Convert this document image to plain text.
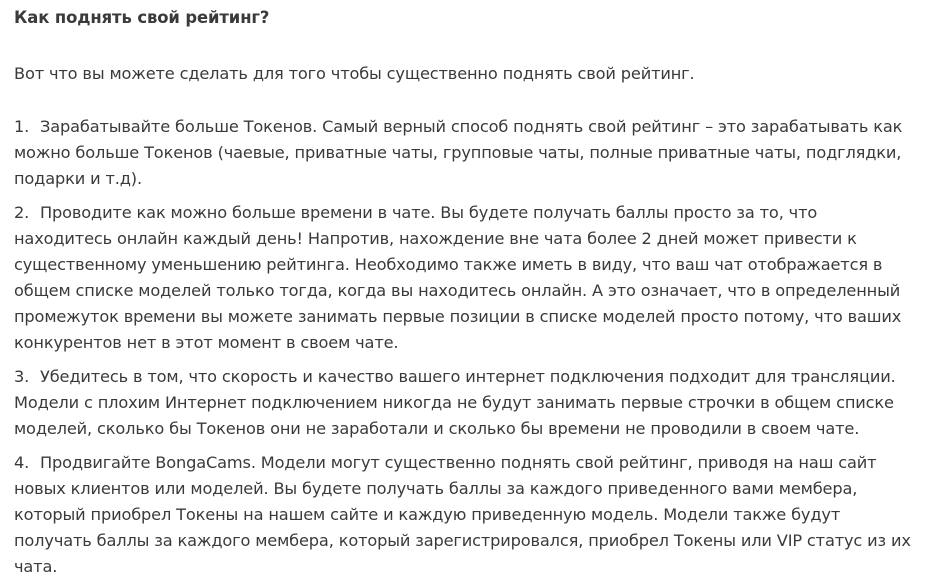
Как поднять свой рейтинг?

Вот что вы можете сделать для того чтобы существенно поднять свой рейтинг.

1. Зарабатывайте больше Токенов. Самый верный способ поднять свой рейтинг – это зарабатывать как можно больше Токенов (чаевые, приватные чаты, групповые чаты, полные приватные чаты, подглядки, подарки и т.д).
2. Проводите как можно больше времени в чате. Вы будете получать баллы просто за то, что находитесь онлайн каждый день! Напротив, нахождение вне чата более 2 дней может привести к существенному уменьшению рейтинга. Необходимо также иметь в виду, что ваш чат отображается в общем списке моделей только тогда, когда вы находитесь онлайн. А это означает, что в определенный промежуток времени вы можете занимать первые позиции в списке моделей просто потому, что ваших конкурентов нет в этот момент в своем чате.
3. Убедитесь в том, что скорость и качество вашего интернет подключения подходит для трансляции. Модели с плохим Интернет подключением никогда не будут занимать первые строчки в общем списке моделей, сколько бы Токенов они не заработали и сколько бы времени не проводили в своем чате.
4. Продвигайте BongaCams. Модели могут существенно поднять свой рейтинг, приводя на наш сайт новых клиентов или моделей. Вы будете получать баллы за каждого приведенного вами мембера, который приобрел Токены на нашем сайте и каждую приведенную модель. Модели также будут получать баллы за каждого мембера, который зарегистрировался, приобрел Токены или VIP статус из их чата.
